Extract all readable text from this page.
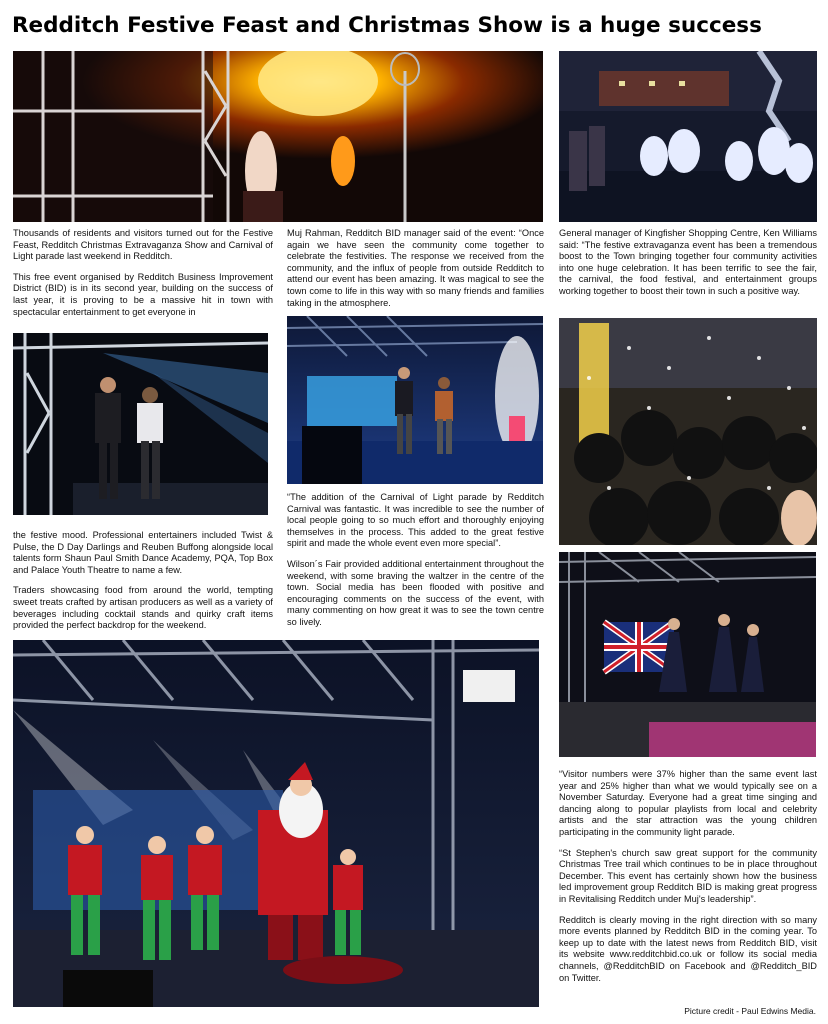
Redditch Festive Feast and Christmas Show is a huge success

Thousands of residents and visitors turned out for the Festive Feast, Redditch Christmas Extravaganza Show and Carnival of Light parade last weekend in Redditch.

This free event organised by Redditch Business Improvement District (BID) is in its second year, building on the success of last year, it is proving to be a massive hit in town with spectacular entertainment to get everyone in

Muj Rahman, Redditch BID manager said of the event: “Once again we have seen the community come together to celebrate the festivities. The response we received from the community, and the influx of people from outside Redditch to attend our event has been amazing. It was magical to see the town come to life in this way with so many friends and families taking in the atmosphere.

General manager of Kingfisher Shopping Centre, Ken Williams said: “The festive extravaganza event has been a tremendous boost to the Town bringing together four community activities into one huge celebration. It has been terrific to see the fair, the carnival, the food festival, and entertainment groups working together to boost their town in such a positive way.

“The addition of the Carnival of Light parade by Redditch Carnival was fantastic. It was incredible to see the number of local people going to so much effort and thoroughly enjoying themselves in the process. This added to the great festive spirit and made the whole event even more special”.

Wilson´s Fair provided additional entertainment throughout the weekend, with some braving the waltzer in the centre of the town. Social media has been flooded with positive and encouraging comments on the success of the event, with many commenting on how great it was to see the town centre so lively.

the festive mood. Professional entertainers included Twist & Pulse, the D Day Darlings and Reuben Buffong alongside local talents form Shaun Paul Smith Dance Academy, PQA, Top Box and Palace Youth Theatre to name a few.

Traders showcasing food from around the world, tempting sweet treats crafted by artisan producers as well as a variety of beverages including cocktail stands and quirky craft items provided the perfect backdrop for the weekend.

“Visitor numbers were 37% higher than the same event last year and 25% higher than what we would typically see on a November Saturday. Everyone had a great time singing and dancing along to popular playlists from local and celebrity artists and the star attraction was the young children participating in the community light parade.

“St Stephen's church saw great support for the community Christmas Tree trail which continues to be in place throughout December. This event has certainly shown how the business led improvement group Redditch BID is making great progress in Revitalising Redditch under Muj's leadership”.

Redditch is clearly moving in the right direction with so many more events planned by Redditch BID in the coming year. To keep up to date with the latest news from Redditch BID, visit its website www.redditchbid.co.uk or follow its social media channels, @RedditchBID on Facebook and @Redditch_BID on Twitter.

Picture credit - Paul Edwins Media.
